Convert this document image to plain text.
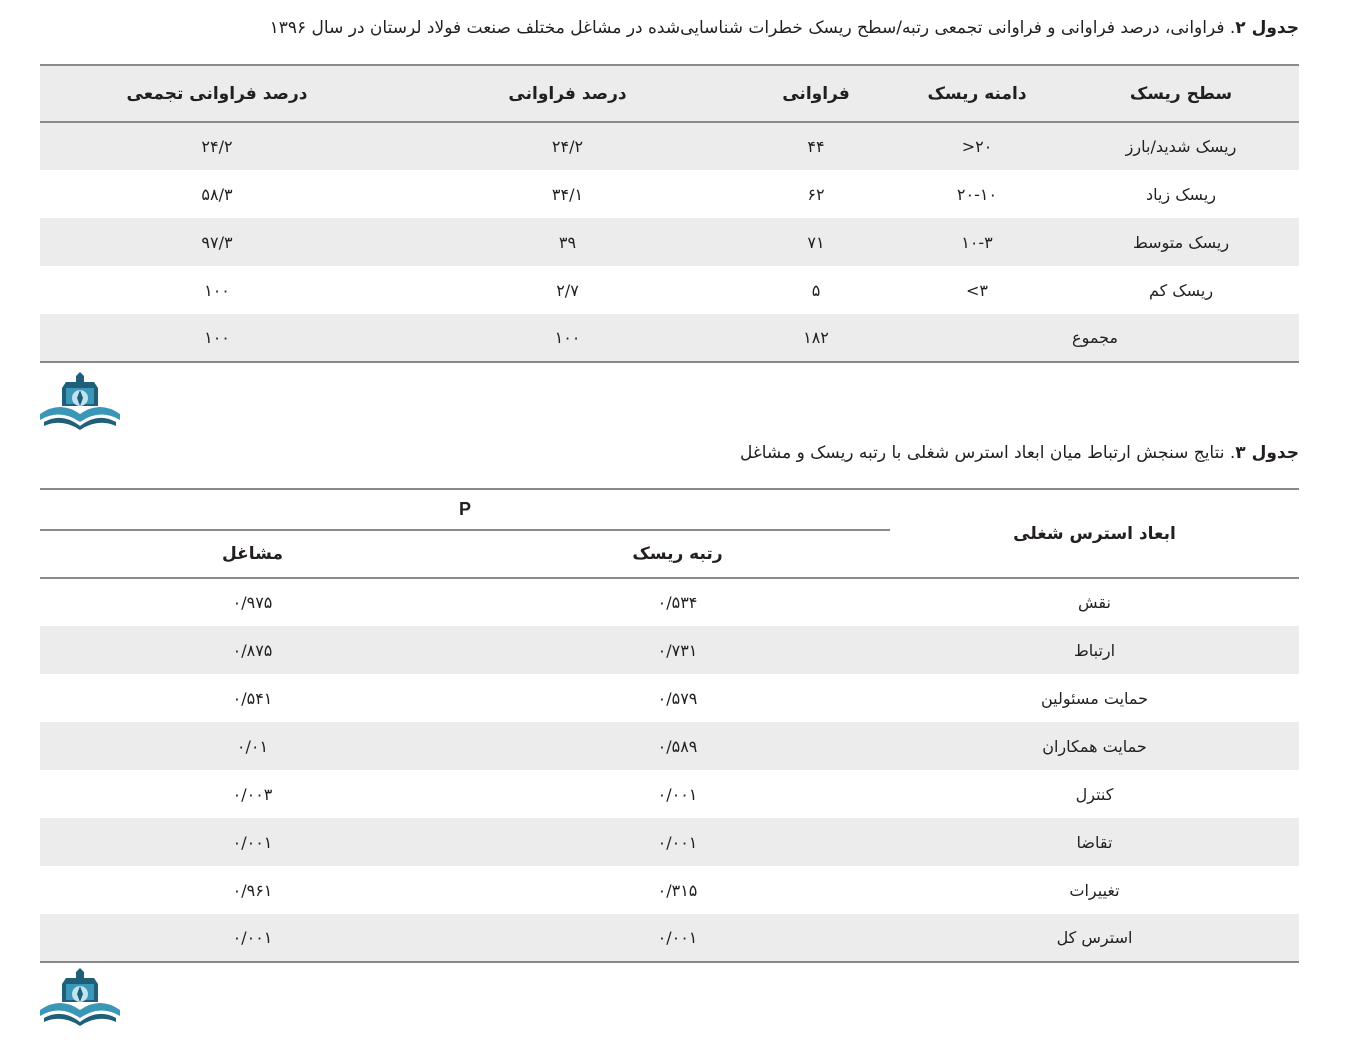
جدول ۲. فراوانی، درصد فراوانی و فراوانی تجمعی رتبه/سطح ریسک خطرات شناسایی‌شده در مشاغل مختلف صنعت فولاد لرستان در سال ۱۳۹۶
سطح ریسک	دامنه ریسک	فراوانی	درصد فراوانی	درصد فراوانی تجمعی
ریسک شدید/بارز	۲۰<	۴۴	۲۴/۲	۲۴/۲
ریسک زیاد	۲۰-۱۰	۶۲	۳۴/۱	۵۸/۳
ریسک متوسط	۱۰-۳	۷۱	۳۹	۹۷/۳
ریسک کم	۳>	۵	۲/۷	۱۰۰
مجموع		۱۸۲	۱۰۰	۱۰۰
جدول ۳. نتایج سنجش ارتباط میان ابعاد استرس شغلی با رتبه ریسک و مشاغل
ابعاد استرس شغلی	P	
	رتبه ریسک	مشاغل
نقش	۰/۵۳۴	۰/۹۷۵
ارتباط	۰/۷۳۱	۰/۸۷۵
حمایت مسئولین	۰/۵۷۹	۰/۵۴۱
حمایت همکاران	۰/۵۸۹	۰/۰۱
کنترل	۰/۰۰۱	۰/۰۰۳
تقاضا	۰/۰۰۱	۰/۰۰۱
تغییرات	۰/۳۱۵	۰/۹۶۱
استرس کل	۰/۰۰۱	۰/۰۰۱
